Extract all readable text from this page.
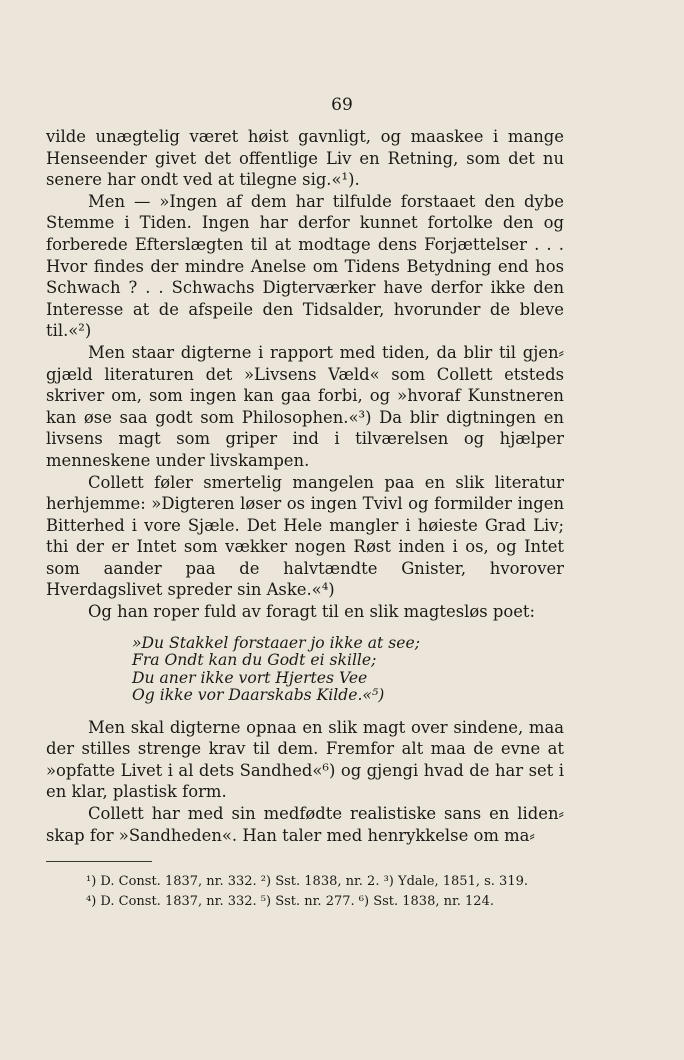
69

vilde unægtelig været høist gavnligt, og maaskee i mange Henseender givet det offentlige Liv en Retning, som det nu senere har ondt ved at tilegne sig.«¹).

Men — »Ingen af dem har tilfulde forstaaet den dybe Stemme i Tiden. Ingen har derfor kunnet fortolke den og forberede Efterslægten til at modtage dens Forjættelser . . . Hvor findes der mindre Anelse om Tidens Betydning end hos Schwach ? . . Schwachs Digterværker have derfor ikke den Interesse at de afspeile den Tidsalder, hvorunder de bleve til.«²)

Men staar digterne i rapport med tiden, da blir til gjen⸗gjæld literaturen det »Livsens Væld« som Collett etsteds skriver om, som ingen kan gaa forbi, og »hvoraf Kunstneren kan øse saa godt som Philosophen.«³) Da blir digtningen en livsens magt som griper ind i tilværelsen og hjælper menneskene under livskampen.

Collett føler smertelig mangelen paa en slik literatur herhjemme: »Digteren løser os ingen Tvivl og formilder ingen Bitterhed i vore Sjæle. Det Hele mangler i høieste Grad Liv; thi der er Intet som vækker nogen Røst inden i os, og Intet som aander paa de halvtændte Gnister, hvorover Hverdagslivet spreder sin Aske.«⁴)

Og han roper fuld av foragt til en slik magtesløs poet:

»Du Stakkel forstaaer jo ikke at see;
Fra Ondt kan du Godt ei skille;
Du aner ikke vort Hjertes Vee
Og ikke vor Daarskabs Kilde.«⁵)

Men skal digterne opnaa en slik magt over sindene, maa der stilles strenge krav til dem. Fremfor alt maa de evne at »opfatte Livet i al dets Sandhed«⁶) og gjengi hvad de har set i en klar, plastisk form.

Collett har med sin medfødte realistiske sans en liden⸗skap for »Sandheden«. Han taler med henrykkelse om ma⸗

¹) D. Const. 1837, nr. 332. ²) Sst. 1838, nr. 2. ³) Ydale, 1851, s. 319.
⁴) D. Const. 1837, nr. 332. ⁵) Sst. nr. 277. ⁶) Sst. 1838, nr. 124.
